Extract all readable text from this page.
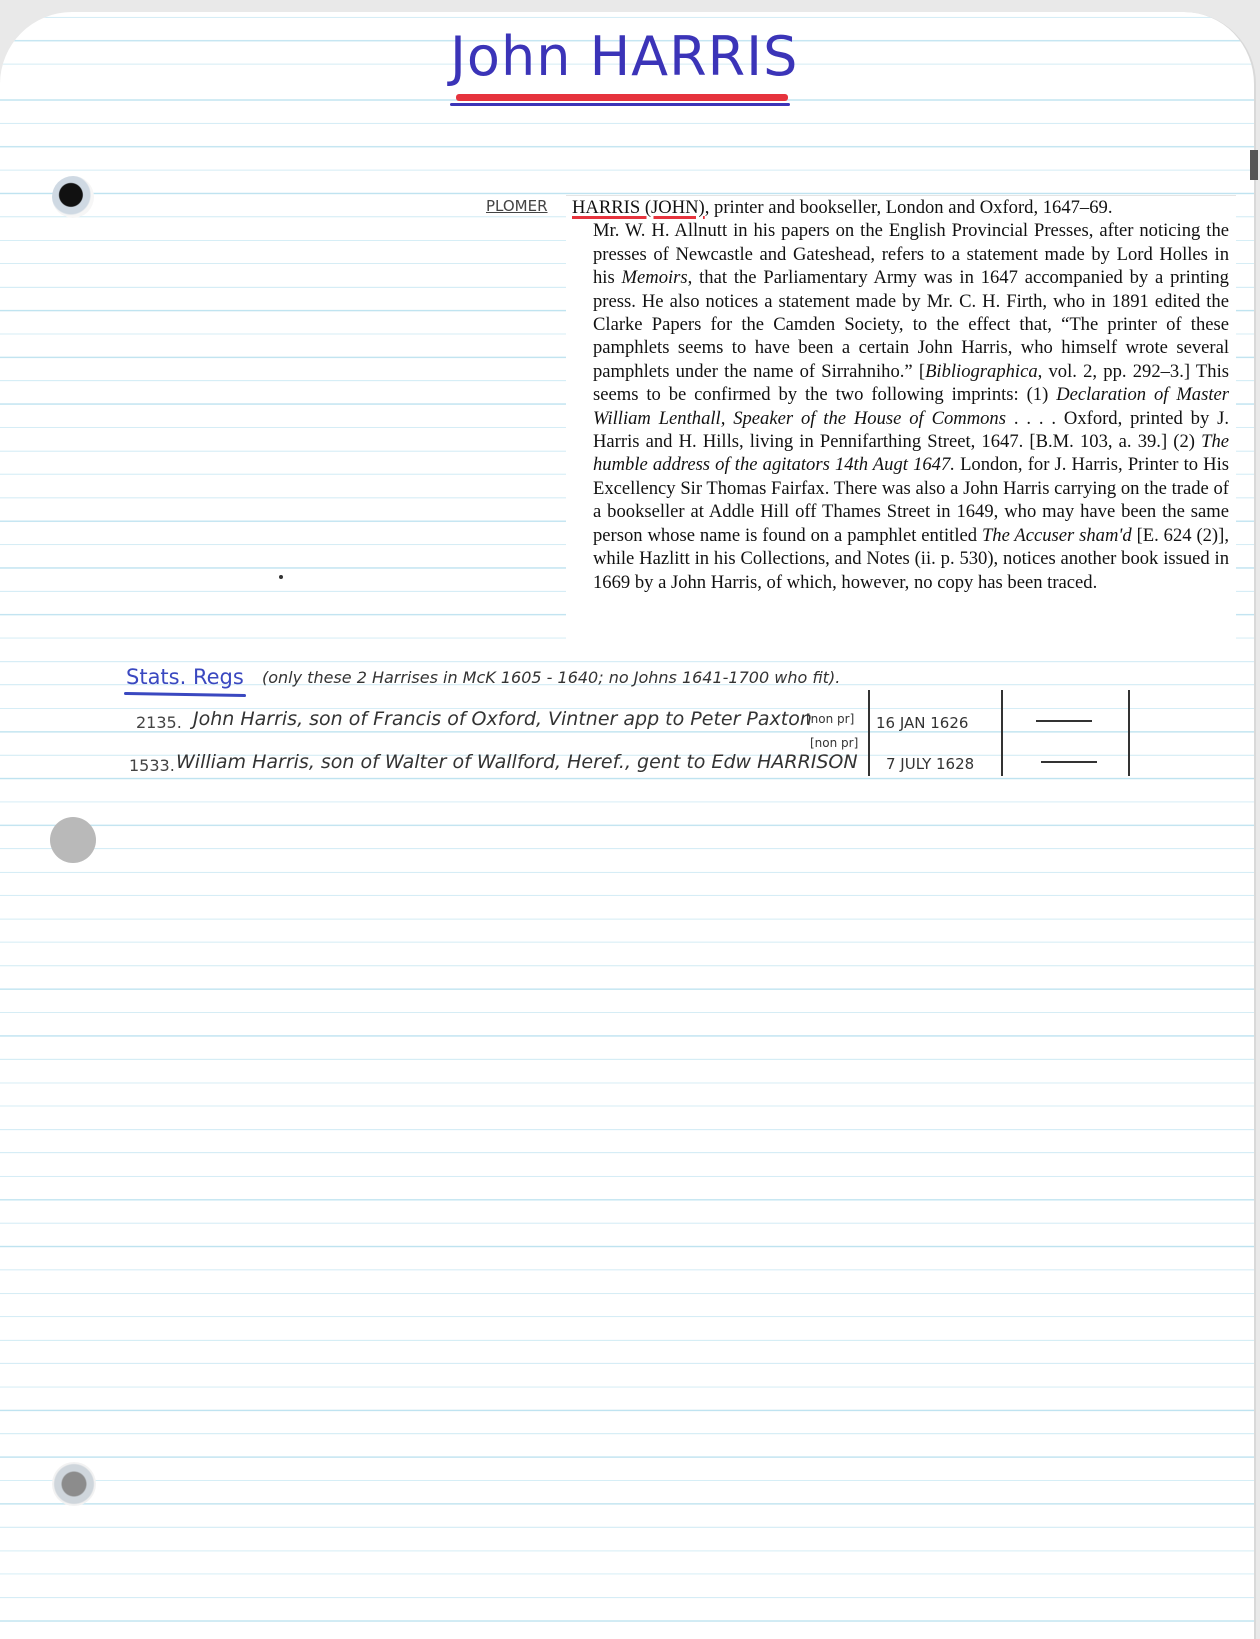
John HARRIS
PLOMER HARRIS (JOHN), printer and bookseller, London and Oxford, 1647–69.
Mr. W. H. Allnutt in his papers on the English Provincial Presses, after noticing the presses of Newcastle and Gateshead, refers to a statement made by Lord Holles in his Memoirs, that the Parliamentary Army was in 1647 accompanied by a printing press. He also notices a statement made by Mr. C. H. Firth, who in 1891 edited the Clarke Papers for the Camden Society, to the effect that, “The printer of these pamphlets seems to have been a certain John Harris, who himself wrote several pamphlets under the name of Sirrahniho.” [Bibliographica, vol. 2, pp. 292–3.] This seems to be confirmed by the two following imprints: (1) Declaration of Master William Lenthall, Speaker of the House of Commons . . . . Oxford, printed by J. Harris and H. Hills, living in Pennifarthing Street, 1647. [B.M. 103, a. 39.] (2) The humble address of the agitators 14th Augt 1647. London, for J. Harris, Printer to His Excellency Sir Thomas Fairfax. There was also a John Harris carrying on the trade of a bookseller at Addle Hill off Thames Street in 1649, who may have been the same person whose name is found on a pamphlet entitled The Accuser sham'd [E. 624 (2)], while Hazlitt in his Collections, and Notes (ii. p. 530), notices another book issued in 1669 by a John Harris, of which, however, no copy has been traced.
Stats. Regs (only these 2 Harrises in McK 1605 - 1640; no Johns 1641-1700 who fit).
2135. John Harris, son of Francis of Oxford, Vintner app to Peter Paxton
[non pr] 16 JAN 1626
1533. William Harris, son of Walter of Wallford, Heref., gent to Edw HARRISON
[non pr]
7 JULY 1628
